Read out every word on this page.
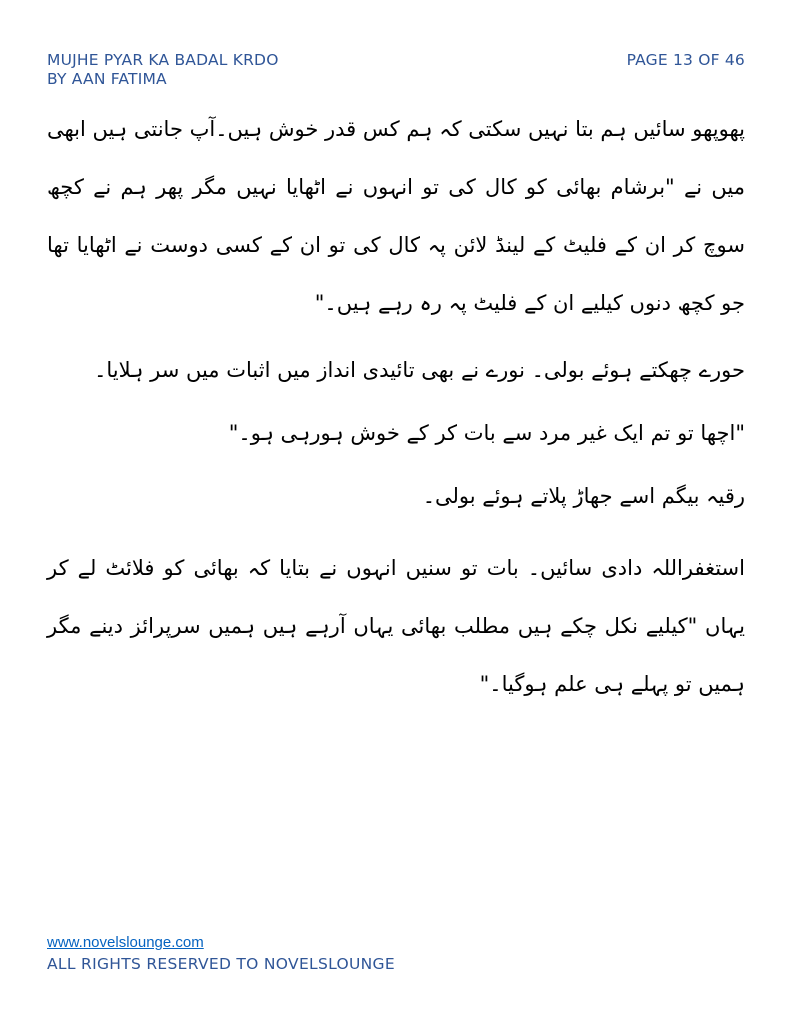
MUJHE PYAR KA BADAL KRDO
BY AAN FATIMA
PAGE 13 OF 46

پھوپھو سائیں ہم بتا نہیں سکتی کہ ہم کس قدر خوش ہیں۔آپ جانتی ہیں ابھی میں نے "برشام بھائی کو کال کی تو انہوں نے اٹھایا نہیں مگر پھر ہم نے کچھ سوچ کر ان کے فلیٹ کے لینڈ لائن پہ کال کی تو ان کے کسی دوست نے اٹھایا تھا جو کچھ دنوں کیلیے ان کے فلیٹ پہ رہ رہے ہیں۔"

حورے چھکتے ہوئے بولی۔ نورے نے بھی تائیدی انداز میں اثبات میں سر ہلایا۔

"اچھا تو تم ایک غیر مرد سے بات کر کے خوش ہورہی ہو۔"

رقیہ بیگم اسے جھاڑ پلاتے ہوئے بولی۔

استغفراللہ دادی سائیں۔ بات تو سنیں انہوں نے بتایا کہ بھائی کو فلائٹ لے کر یہاں "کیلیے نکل چکے ہیں مطلب بھائی یہاں آرہے ہیں ہمیں سرپرائز دینے مگر ہمیں تو پہلے ہی علم ہوگیا۔"

www.novelslounge.com
ALL RIGHTS RESERVED TO NOVELSLOUNGE
